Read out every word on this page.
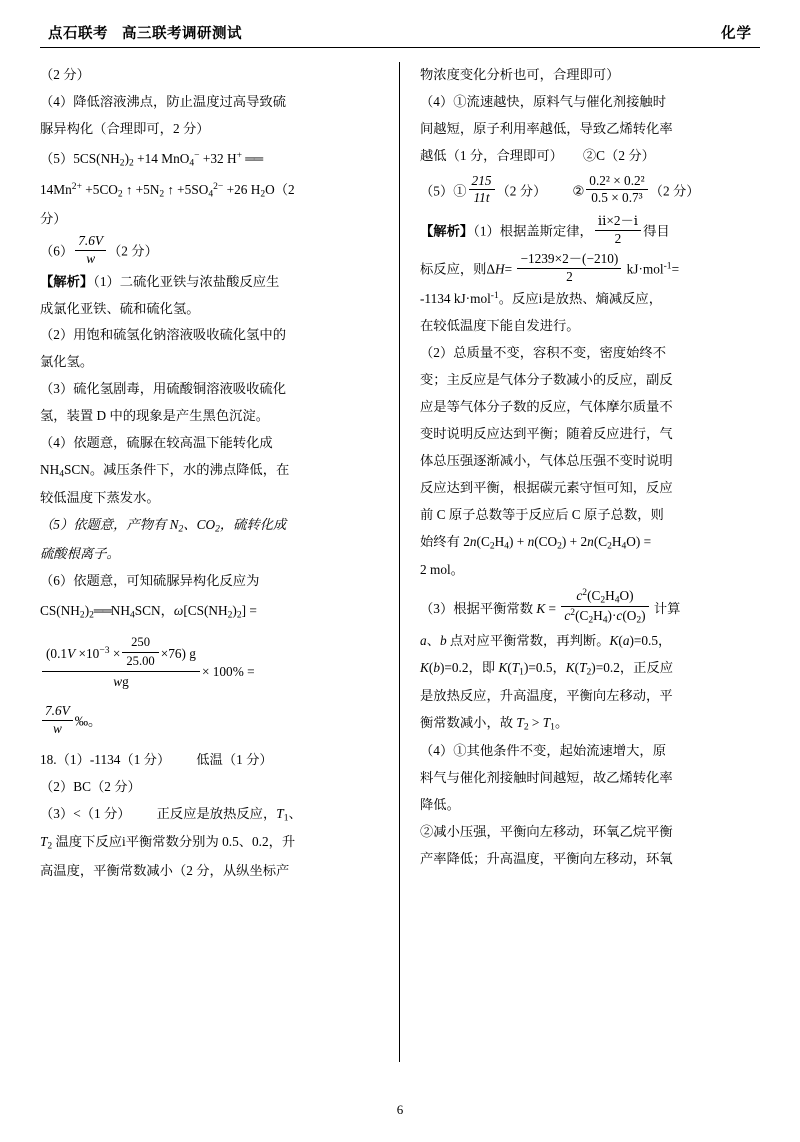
点石联考 高三联考调研测试	化学

（2 分）

（4）降低溶液沸点，防止温度过高导致硫

脲异构化（合理即可，2 分）

$(5)5CS(NH_2)_2 +14$ MnO$_4$− +32 H+ ══

$14Mn^{2+} +5CO_2$ ↑ $+5N_2$ ↑ $+5SO_4^{2-} +26$ $H_2O(2$

分）

$(6) \frac{7.6V}{w} (2$ 分）

【解析】（1）二硫化亚铁与浓盐酸反应生

成氯化亚铁、硫和硫化氢。

（2）用饱和硫氢化钠溶液吸收硫化氢中的

氯化氢。

（3）硫化氢剧毒，用硫酸铜溶液吸收硫化

氢，装置 D 中的现象是产生黑色沉淀。

（4）依题意，硫脲在较高温下能转化成

$NH_4SCN$。减压条件下，水的沸点降低，在

较低温度下蒸发水。

（5）依题意，产物有 $N_2$、$CO_2$，硫转化成

硫酸根离子。

（6）依题意，可知硫脲异构化反应为

$CS(NH_2)_2══NH_4SCN$，$\omega[CS(NH_2)_2]$ =

$\frac{(0.1V \times 10^{-3} \times \frac{250}{25.00} \times 76) g}{wg} \times 100\%$ =

$\frac{7.6V}{w}$ ‰。

18.（1）-1134（1 分） 低温（1 分）

（2）BC（2 分）

（3）<（1 分） 正反应是放热反应，$T_1$、

$T_2$ 温度下反应i平衡常数分别为 0.5、0.2，升

高温度，平衡常数减小（2 分，从纵坐标产

物浓度变化分析也可，合理即可）

（4）①流速越快，原料气与催化剂接触时

间越短，原子利用率越低，导致乙烯转化率

越低（1 分，合理即可）　　②C（2 分）

（5）① $\frac{215}{11t} (2$ 分） ② $\frac{\text{0.2² × 0.2²}}{\text{0.5 × 0.7³}} (2$ 分）

【解析】（1）根据盖斯定律， $\frac{\text{ⅱ×2－ⅰ}}{2}$ 得目

标反应，则$\Delta H= \frac{-1239\times 2-(-210)}{2} kJ\cdot mol^{-1}=$

-1134 kJ·mol$^{-1}$。反应i是放热、熵减反应，

在较低温度下能自发进行。

（2）总质量不变，容积不变，密度始终不

变；主反应是气体分子数减小的反应，副反

应是等气体分子数的反应，气体摩尔质量不

变时说明反应达到平衡；随着反应进行，气

体总压强逐渐减小，气体总压强不变时说明

反应达到平衡，根据碳元素守恒可知，反应

前 C 原子总数等于反应后 C 原子总数，则

始终有 $2n(C_2H_4) + n(CO_2) + 2n(C_2H_4O)$ =

2 mol。

（3）根据平衡常数 $K = \frac{c^2(C_2H_4O)}{c^2(C_2H_4)\cdot c(O_2)}$ 计算

a、b 点对应平衡常数，再判断。K(a)=0.5，

K(b)=0.2，即 $K(T_1)=0.5$，$K(T_2)=0.2$，正反应

是放热反应，升高温度，平衡向左移动，平

衡常数减小，故 $T_2 > T_1$。

（4）①其他条件不变，起始流速增大，原

料气与催化剂接触时间越短，故乙烯转化率

降低。

②减小压强，平衡向左移动，环氧乙烷平衡

产率降低；升高温度，平衡向左移动，环氧

6
